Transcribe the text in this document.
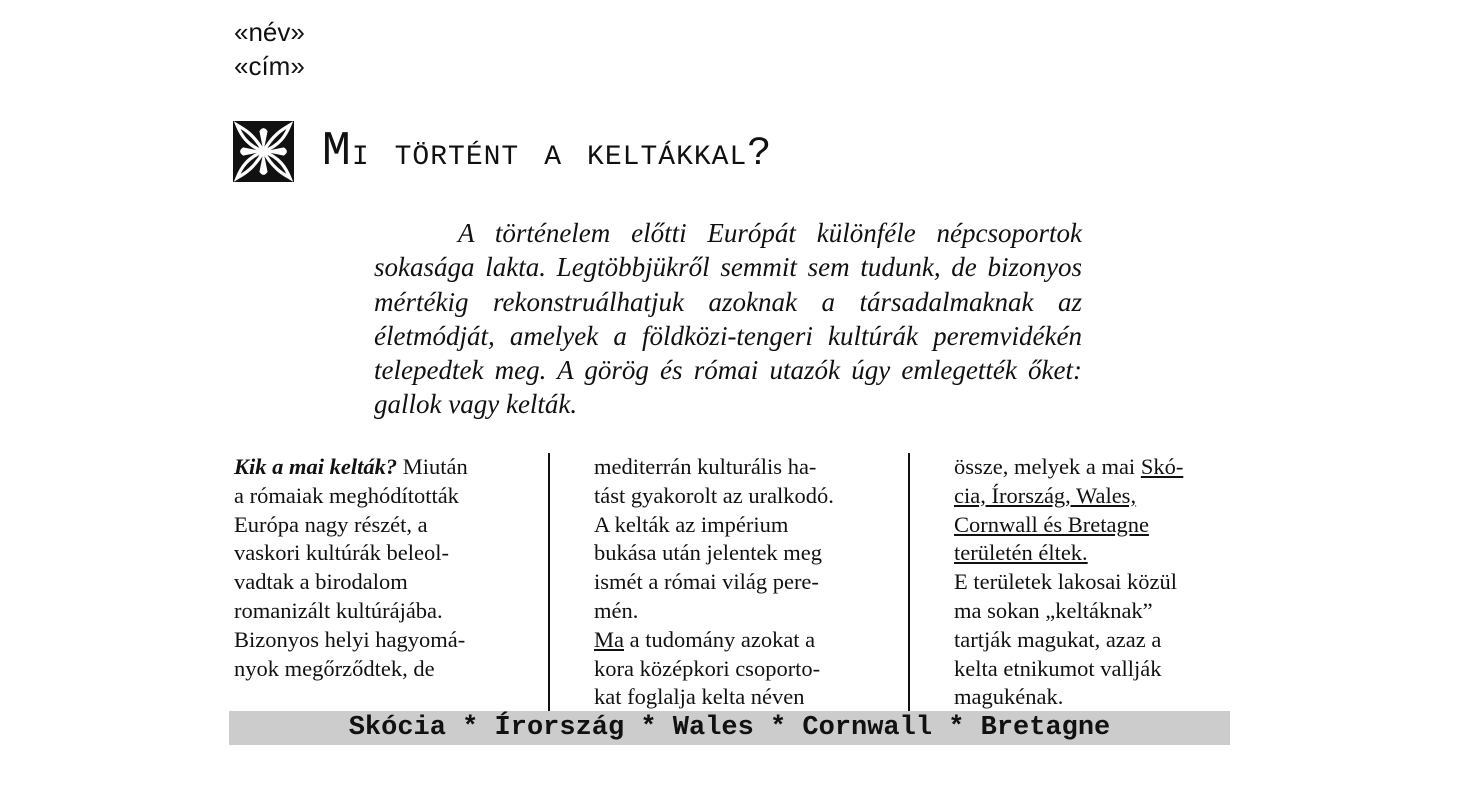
«név»
«cím»
Mi történt a keltákkal?

A történelem előtti Európát különféle népcsoportok sokasága lakta. Legtöbbjükről semmit sem tudunk, de bizonyos mértékig rekonstruálhatjuk azoknak a társadalmaknak az életmódját, amelyek a földközi-tengeri kultúrák peremvidékén telepedtek meg. A görög és római utazók úgy emlegették őket: gallok vagy kelták.

Kik a mai kelták? Miután
a rómaiak meghódították
Európa nagy részét, a
vaskori kultúrák beleol-
vadtak a birodalom
romanizált kultúrájába.
Bizonyos helyi hagyomá-
nyok megőrződtek, de
mediterrán kulturális ha-
tást gyakorolt az uralkodó.
A kelták az impérium
bukása után jelentek meg
ismét a római világ pere-
mén.
Ma a tudomány azokat a
kora középkori csoporto-
kat foglalja kelta néven
össze, melyek a mai Skó-
cia, Írország, Wales,
Cornwall és Bretagne
területén éltek.
E területek lakosai közül
ma sokan „keltáknak”
tartják magukat, azaz a
kelta etnikumot vallják
magukénak.
Skócia * Írország * Wales * Cornwall * Bretagne
